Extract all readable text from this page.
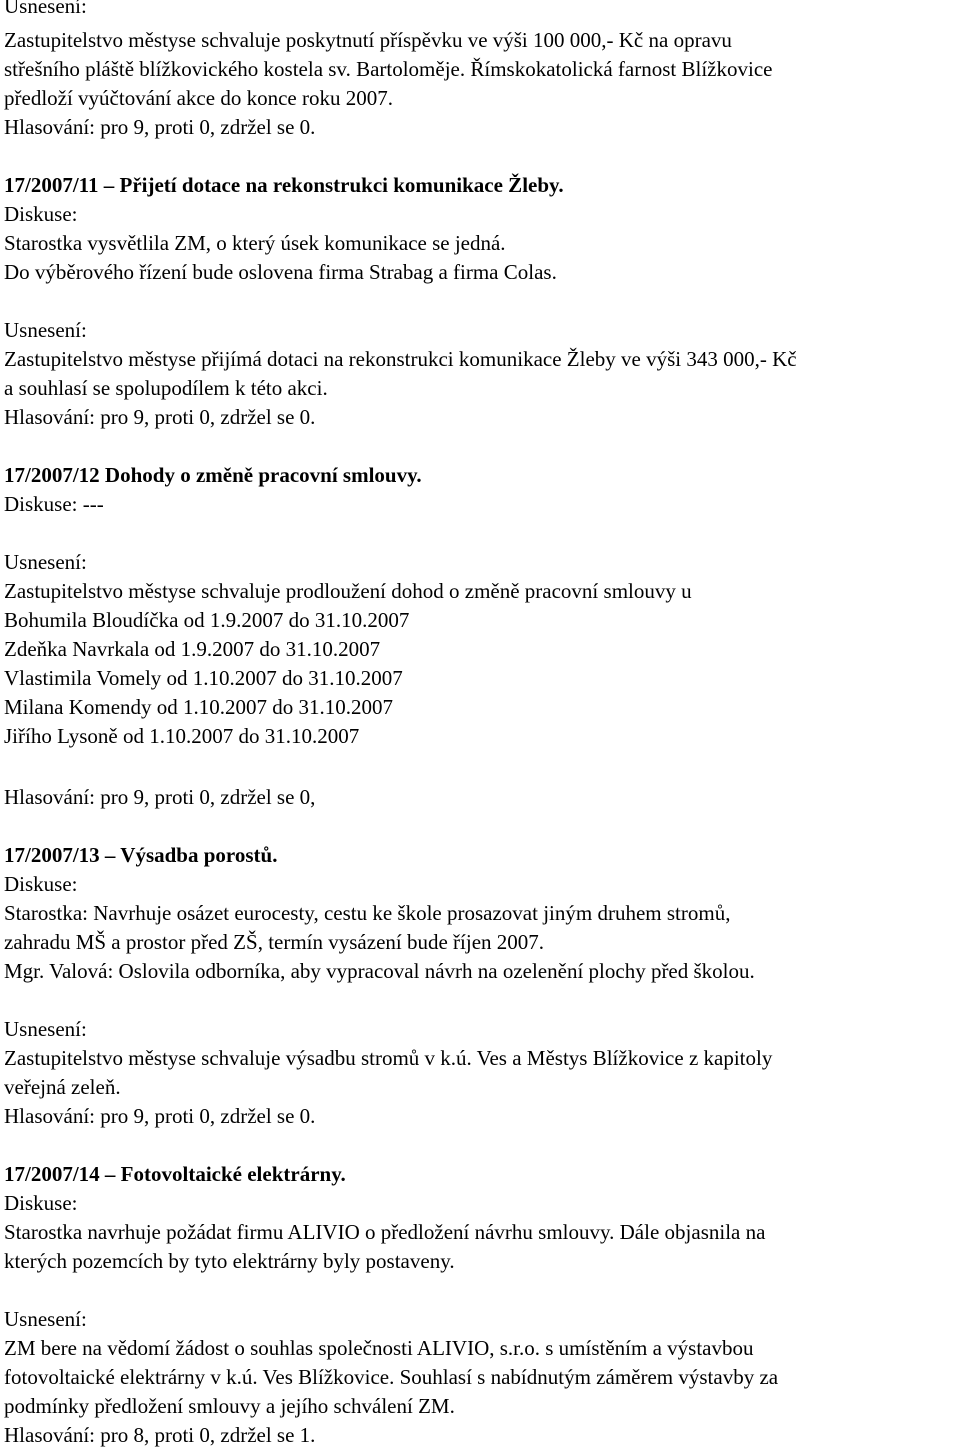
Usnesení:
Zastupitelstvo městyse schvaluje poskytnutí příspěvku ve výši 100 000,- Kč na opravu
střešního pláště blížkovického kostela sv. Bartoloměje. Římskokatolická farnost Blížkovice
předloží vyúčtování akce do konce roku 2007.
Hlasování: pro 9, proti 0, zdržel se 0.
17/2007/11 – Přijetí dotace na rekonstrukci komunikace Žleby.
Diskuse:
Starostka vysvětlila ZM, o který úsek komunikace se jedná.
Do výběrového řízení bude oslovena firma Strabag a firma Colas.
Usnesení:
Zastupitelstvo městyse přijímá dotaci na rekonstrukci komunikace Žleby ve výši 343 000,- Kč
a souhlasí se spolupodílem k této akci.
Hlasování: pro 9, proti 0, zdržel se 0.
17/2007/12 Dohody o změně pracovní smlouvy.
Diskuse: ---
Usnesení:
Zastupitelstvo městyse schvaluje prodloužení dohod o změně pracovní smlouvy u
Bohumila Bloudíčka od 1.9.2007 do 31.10.2007
Zdeňka Navrkala od 1.9.2007 do 31.10.2007
Vlastimila Vomely od 1.10.2007 do 31.10.2007
Milana Komendy od 1.10.2007 do 31.10.2007
Jiřího Lysoně od 1.10.2007 do 31.10.2007
Hlasování: pro 9, proti 0, zdržel se 0,
17/2007/13 – Výsadba porostů.
Diskuse:
Starostka: Navrhuje osázet eurocesty, cestu ke škole prosazovat jiným druhem stromů,
zahradu MŠ a prostor před ZŠ, termín vysázení bude říjen 2007.
Mgr. Valová: Oslovila odborníka, aby vypracoval návrh na ozelenění plochy před školou.
Usnesení:
Zastupitelstvo městyse schvaluje výsadbu stromů v k.ú. Ves a Městys Blížkovice z kapitoly
veřejná zeleň.
Hlasování: pro 9, proti 0, zdržel se 0.
17/2007/14 – Fotovoltaické elektrárny.
Diskuse:
Starostka navrhuje požádat firmu ALIVIO o předložení návrhu smlouvy. Dále objasnila na
kterých pozemcích by tyto elektrárny byly postaveny.
Usnesení:
ZM bere na vědomí žádost o souhlas společnosti ALIVIO, s.r.o. s umístěním a výstavbou
fotovoltaické elektrárny v k.ú. Ves Blížkovice. Souhlasí s nabídnutým záměrem výstavby za
podmínky předložení smlouvy a jejího schválení ZM.
Hlasování: pro 8, proti 0, zdržel se 1.
